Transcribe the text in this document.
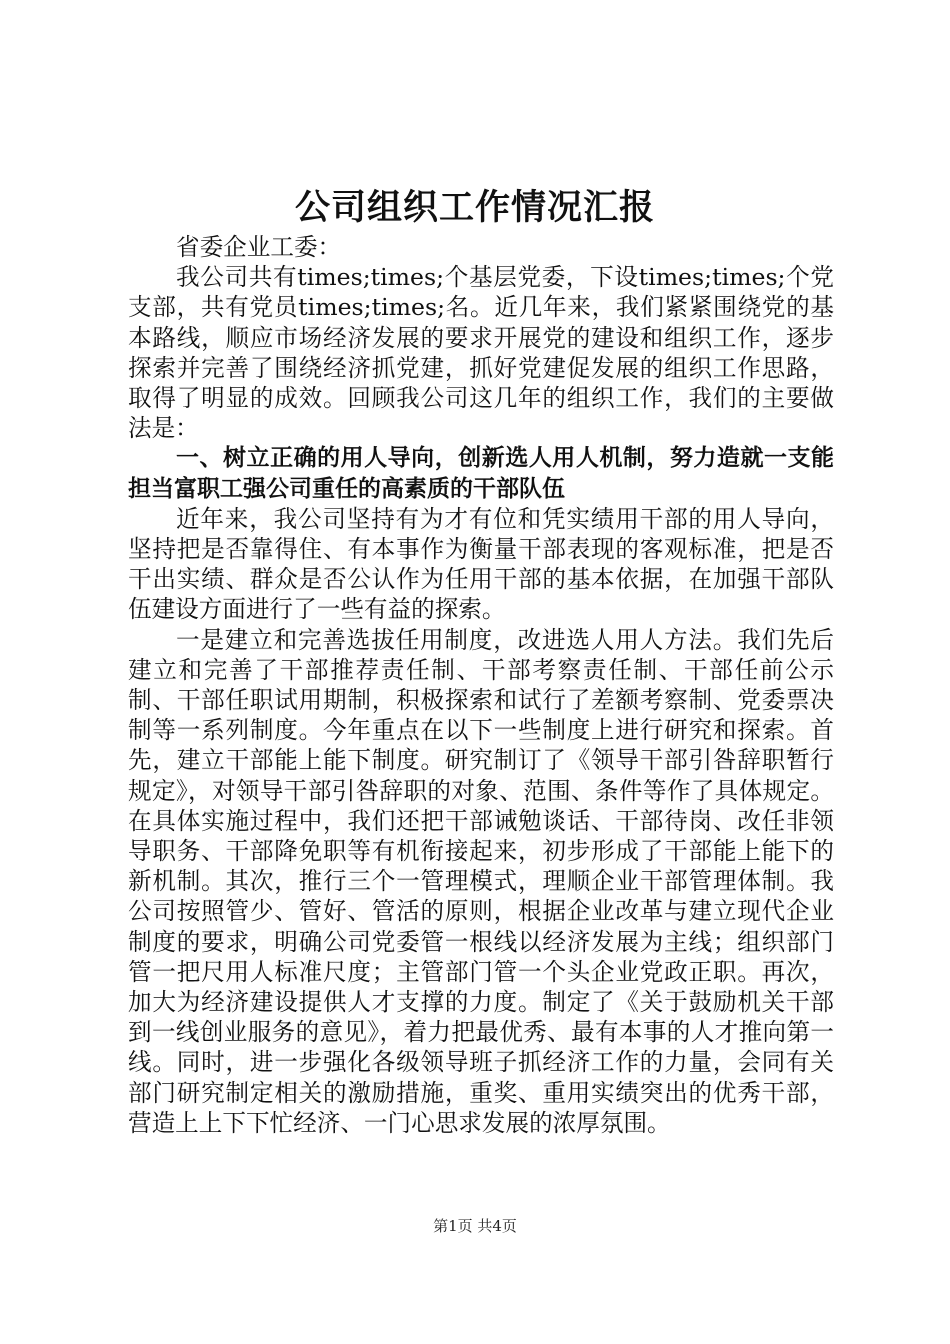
公司组织工作情况汇报

省委企业工委：

我公司共有times;times;个基层党委，下设times;times;个党支部，共有党员times;times;名。近几年来，我们紧紧围绕党的基本路线，顺应市场经济发展的要求开展党的建设和组织工作，逐步探索并完善了围绕经济抓党建，抓好党建促发展的组织工作思路，取得了明显的成效。回顾我公司这几年的组织工作，我们的主要做法是：

一、树立正确的用人导向，创新选人用人机制，努力造就一支能担当富职工强公司重任的高素质的干部队伍

近年来，我公司坚持有为才有位和凭实绩用干部的用人导向，坚持把是否靠得住、有本事作为衡量干部表现的客观标准，把是否干出实绩、群众是否公认作为任用干部的基本依据，在加强干部队伍建设方面进行了一些有益的探索。

一是建立和完善选拔任用制度，改进选人用人方法。我们先后建立和完善了干部推荐责任制、干部考察责任制、干部任前公示制、干部任职试用期制，积极探索和试行了差额考察制、党委票决制等一系列制度。今年重点在以下一些制度上进行研究和探索。首先，建立干部能上能下制度。研究制订了《领导干部引咎辞职暂行规定》，对领导干部引咎辞职的对象、范围、条件等作了具体规定。在具体实施过程中，我们还把干部诫勉谈话、干部待岗、改任非领导职务、干部降免职等有机衔接起来，初步形成了干部能上能下的新机制。其次，推行三个一管理模式，理顺企业干部管理体制。我公司按照管少、管好、管活的原则，根据企业改革与建立现代企业制度的要求，明确公司党委管一根线以经济发展为主线；组织部门管一把尺用人标准尺度；主管部门管一个头企业党政正职。再次，加大为经济建设提供人才支撑的力度。制定了《关于鼓励机关干部到一线创业服务的意见》，着力把最优秀、最有本事的人才推向第一线。同时，进一步强化各级领导班子抓经济工作的力量，会同有关部门研究制定相关的激励措施，重奖、重用实绩突出的优秀干部，营造上上下下忙经济、一门心思求发展的浓厚氛围。

第1页 共4页
